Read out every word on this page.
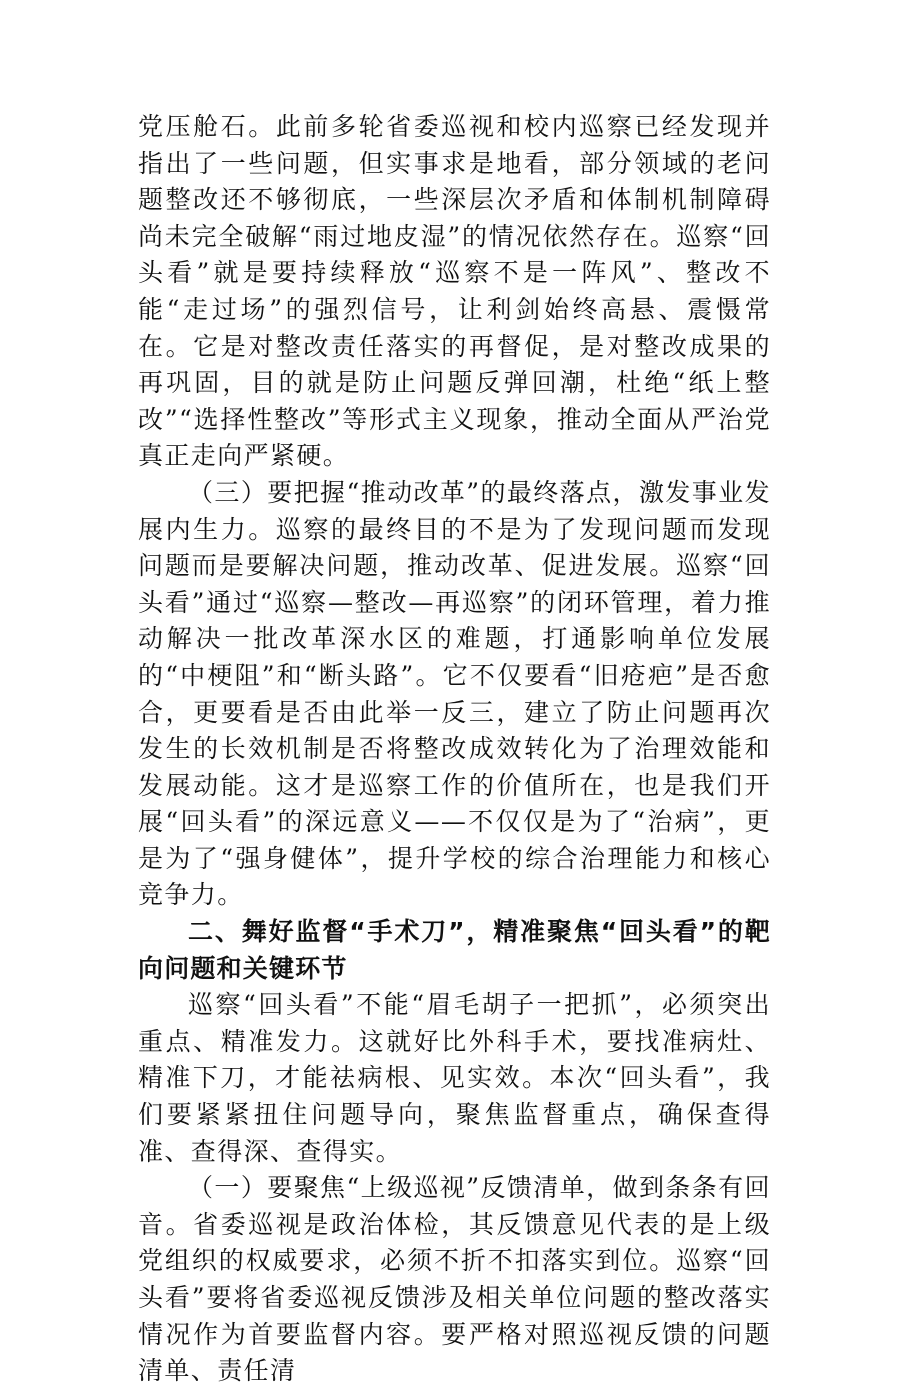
党压舱石。此前多轮省委巡视和校内巡察已经发现并指出了一些问题，但实事求是地看，部分领域的老问题整改还不够彻底，一些深层次矛盾和体制机制障碍尚未完全破解“雨过地皮湿”的情况依然存在。巡察“回头看”就是要持续释放“巡察不是一阵风”、整改不能“走过场”的强烈信号，让利剑始终高悬、震慑常在。它是对整改责任落实的再督促，是对整改成果的再巩固，目的就是防止问题反弹回潮，杜绝“纸上整改”“选择性整改”等形式主义现象，推动全面从严治党真正走向严紧硬。

（三）要把握“推动改革”的最终落点，激发事业发展内生力。巡察的最终目的不是为了发现问题而发现问题而是要解决问题，推动改革、促进发展。巡察“回头看”通过“巡察—整改—再巡察”的闭环管理，着力推动解决一批改革深水区的难题，打通影响单位发展的“中梗阻”和“断头路”。它不仅要看“旧疮疤”是否愈合，更要看是否由此举一反三，建立了防止问题再次发生的长效机制是否将整改成效转化为了治理效能和发展动能。这才是巡察工作的价值所在，也是我们开展“回头看”的深远意义——不仅仅是为了“治病”，更是为了“强身健体”，提升学校的综合治理能力和核心竞争力。

二、舞好监督“手术刀”，精准聚焦“回头看”的靶向问题和关键环节

巡察“回头看”不能“眉毛胡子一把抓”，必须突出重点、精准发力。这就好比外科手术，要找准病灶、精准下刀，才能祛病根、见实效。本次“回头看”，我们要紧紧扭住问题导向，聚焦监督重点，确保查得准、查得深、查得实。

（一）要聚焦“上级巡视”反馈清单，做到条条有回音。省委巡视是政治体检，其反馈意见代表的是上级党组织的权威要求，必须不折不扣落实到位。巡察“回头看”要将省委巡视反馈涉及相关单位问题的整改落实情况作为首要监督内容。要严格对照巡视反馈的问题清单、责任清
